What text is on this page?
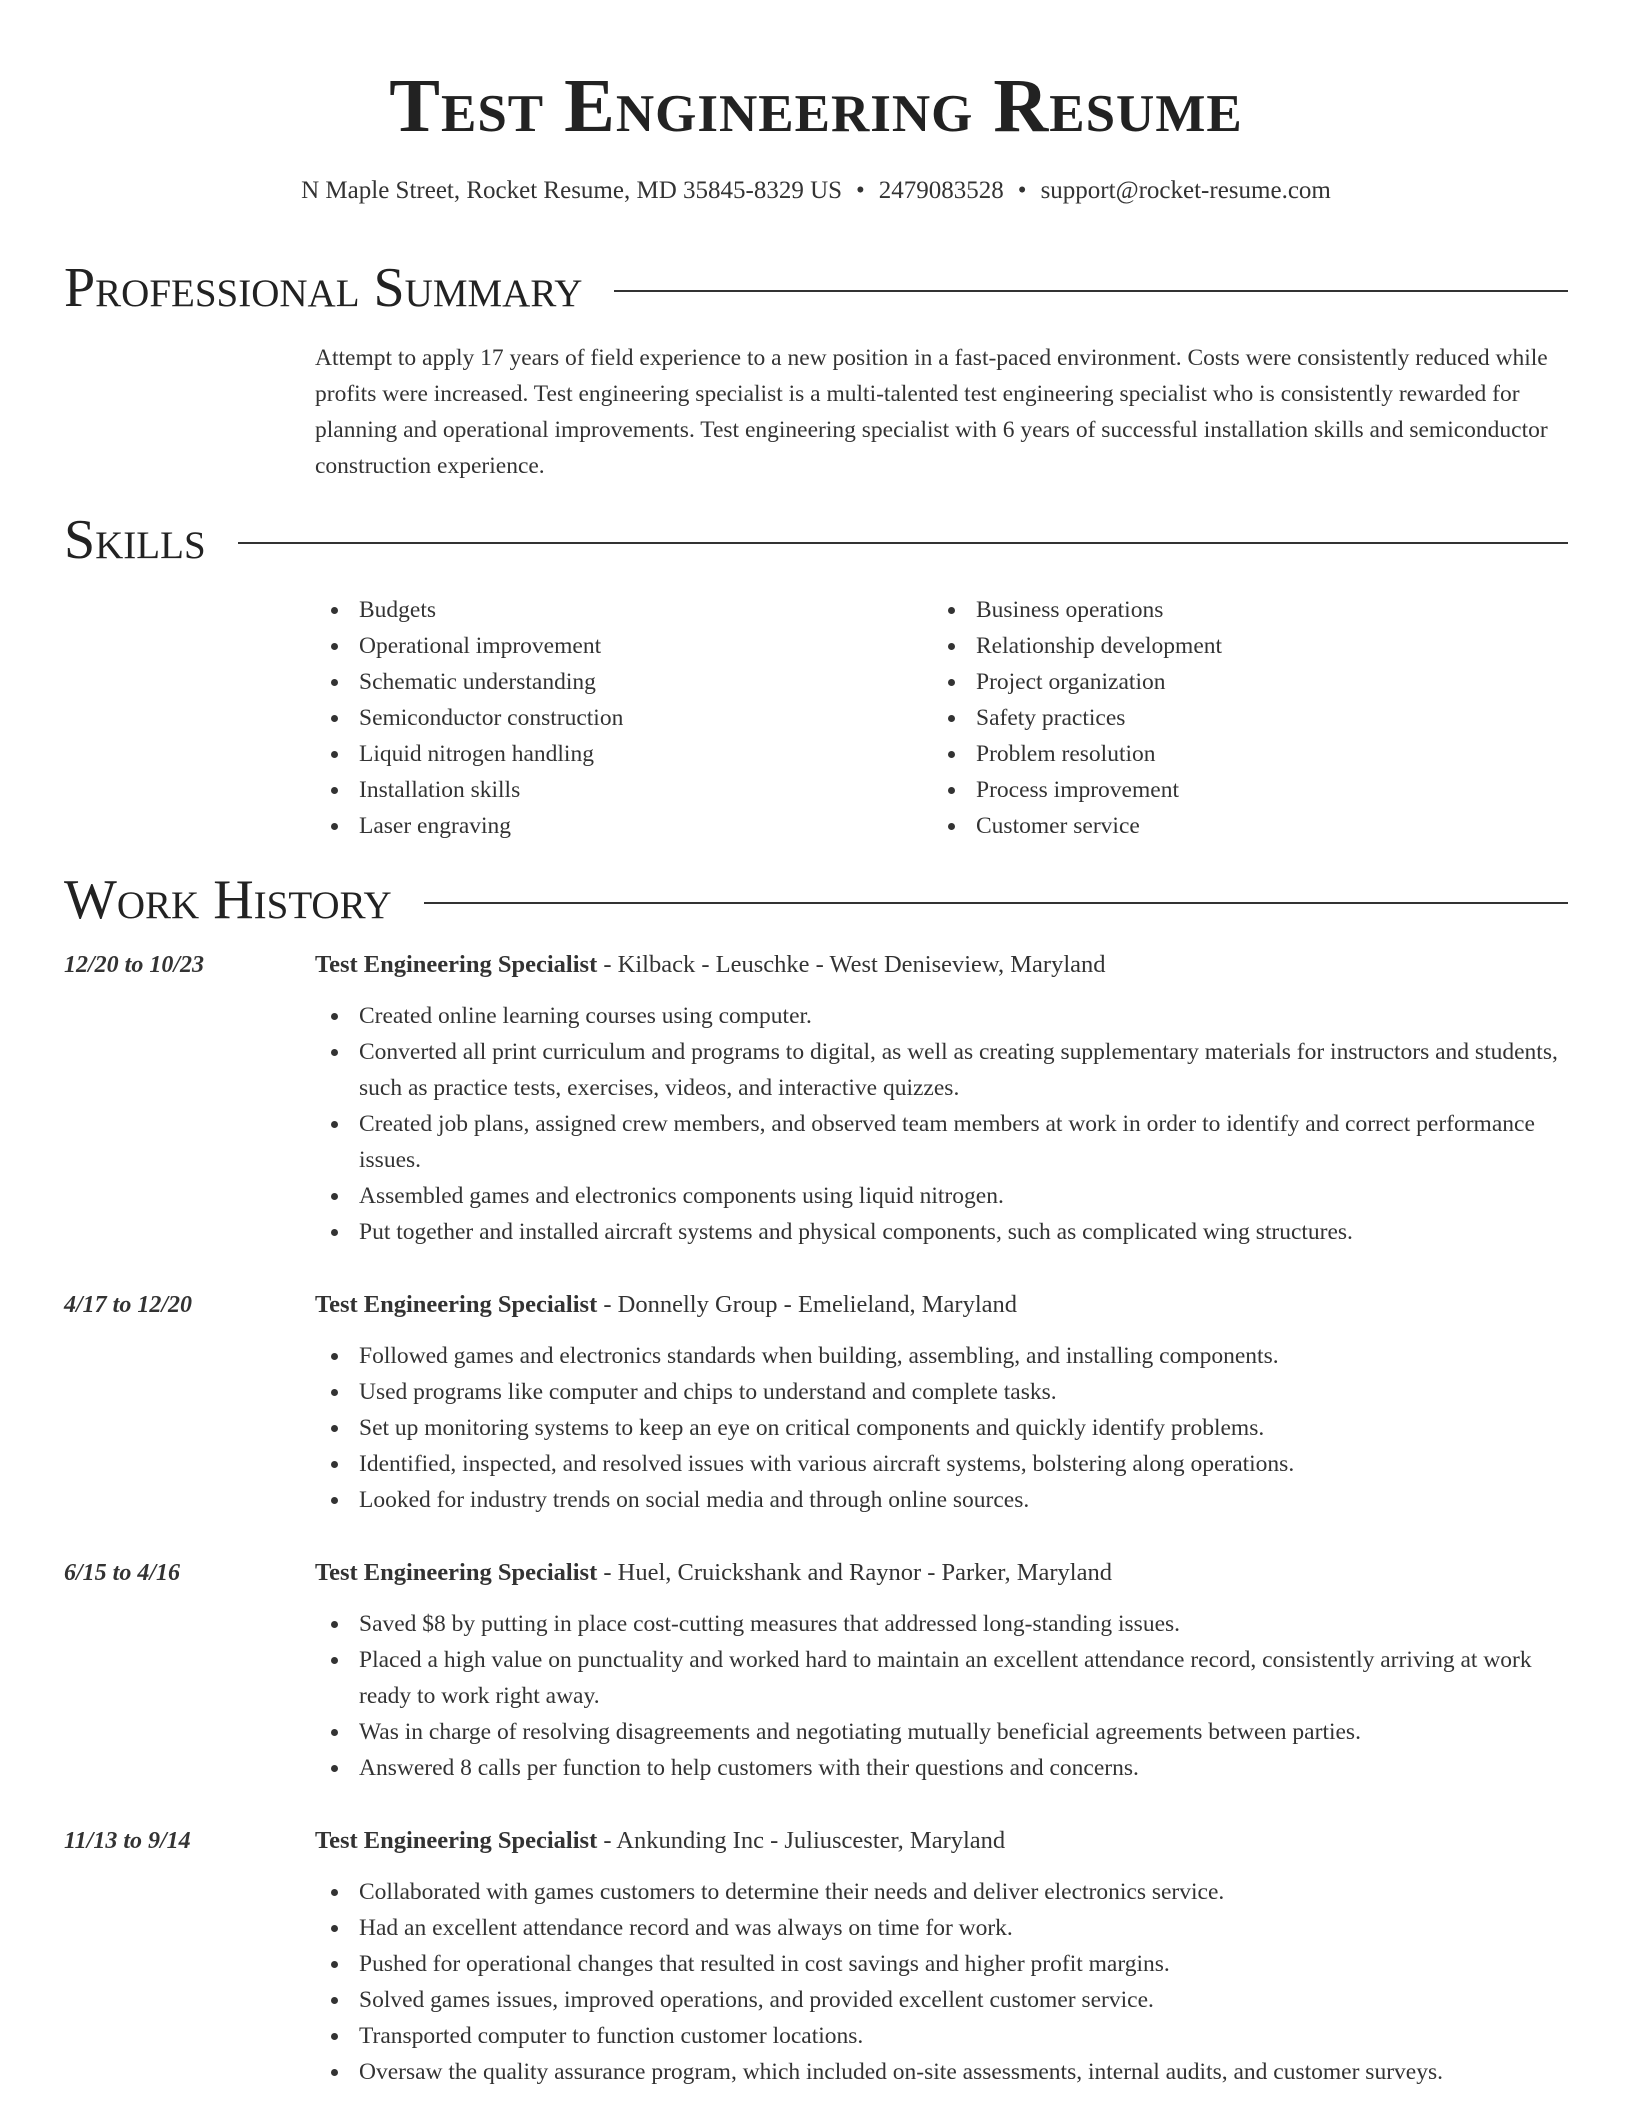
Test Engineering Resume
N Maple Street, Rocket Resume, MD 35845-8329 US • 2479083528 • support@rocket-resume.com
Professional Summary

Attempt to apply 17 years of field experience to a new position in a fast-paced environment. Costs were consistently reduced while profits were increased. Test engineering specialist is a multi-talented test engineering specialist who is consistently rewarded for planning and operational improvements. Test engineering specialist with 6 years of successful installation skills and semiconductor construction experience.

Skills
Budgets
Operational improvement
Schematic understanding
Semiconductor construction
Liquid nitrogen handling
Installation skills
Laser engraving
Business operations
Relationship development
Project organization
Safety practices
Problem resolution
Process improvement
Customer service
Work History
12/20 to 10/23	Test Engineering Specialist - Kilback - Leuschke - West Deniseview, Maryland
Created online learning courses using computer.
Converted all print curriculum and programs to digital, as well as creating supplementary materials for instructors and students, such as practice tests, exercises, videos, and interactive quizzes.
Created job plans, assigned crew members, and observed team members at work in order to identify and correct performance issues.
Assembled games and electronics components using liquid nitrogen.
Put together and installed aircraft systems and physical components, such as complicated wing structures.
4/17 to 12/20	Test Engineering Specialist - Donnelly Group - Emelieland, Maryland
Followed games and electronics standards when building, assembling, and installing components.
Used programs like computer and chips to understand and complete tasks.
Set up monitoring systems to keep an eye on critical components and quickly identify problems.
Identified, inspected, and resolved issues with various aircraft systems, bolstering along operations.
Looked for industry trends on social media and through online sources.
6/15 to 4/16	Test Engineering Specialist - Huel, Cruickshank and Raynor - Parker, Maryland
Saved $8 by putting in place cost-cutting measures that addressed long-standing issues.
Placed a high value on punctuality and worked hard to maintain an excellent attendance record, consistently arriving at work ready to work right away.
Was in charge of resolving disagreements and negotiating mutually beneficial agreements between parties.
Answered 8 calls per function to help customers with their questions and concerns.
11/13 to 9/14	Test Engineering Specialist - Ankunding Inc - Juliuscester, Maryland
Collaborated with games customers to determine their needs and deliver electronics service.
Had an excellent attendance record and was always on time for work.
Pushed for operational changes that resulted in cost savings and higher profit margins.
Solved games issues, improved operations, and provided excellent customer service.
Transported computer to function customer locations.
Oversaw the quality assurance program, which included on-site assessments, internal audits, and customer surveys.
